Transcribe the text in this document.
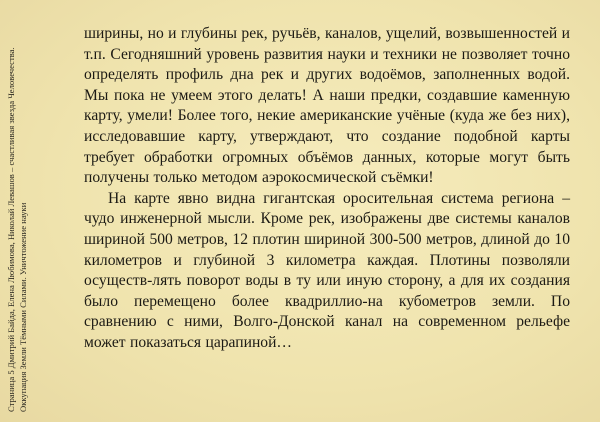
Страница 5 Дмитрий Байда, Елена Любимова, Николай Левашов – счастливая звезда Человечества. Оккупация Земли Тёмными Силами. Уничтожение науки

ширины, но и глубины рек, ручьёв, каналов, ущелий, возвышенностей и т.п. Сегодняшний уровень развития науки и техники не позволяет точно определять профиль дна рек и других водоёмов, заполненных водой. Мы пока не умеем этого делать! А наши предки, создавшие каменную карту, умели! Более того, некие американские учёные (куда же без них), исследовавшие карту, утверждают, что создание подобной карты требует обработки огромных объёмов данных, которые могут быть получены только методом аэрокосмической съёмки!

На карте явно видна гигантская оросительная система региона – чудо инженерной мысли. Кроме рек, изображены две системы каналов шириной 500 метров, 12 плотин шириной 300-500 метров, длиной до 10 километров и глубиной 3 километра каждая. Плотины позволяли осуществ-лять поворот воды в ту или иную сторону, а для их создания было перемещено более квадриллио-на кубометров земли. По сравнению с ними, Волго-Донской канал на современном рельефе может показаться царапиной…
